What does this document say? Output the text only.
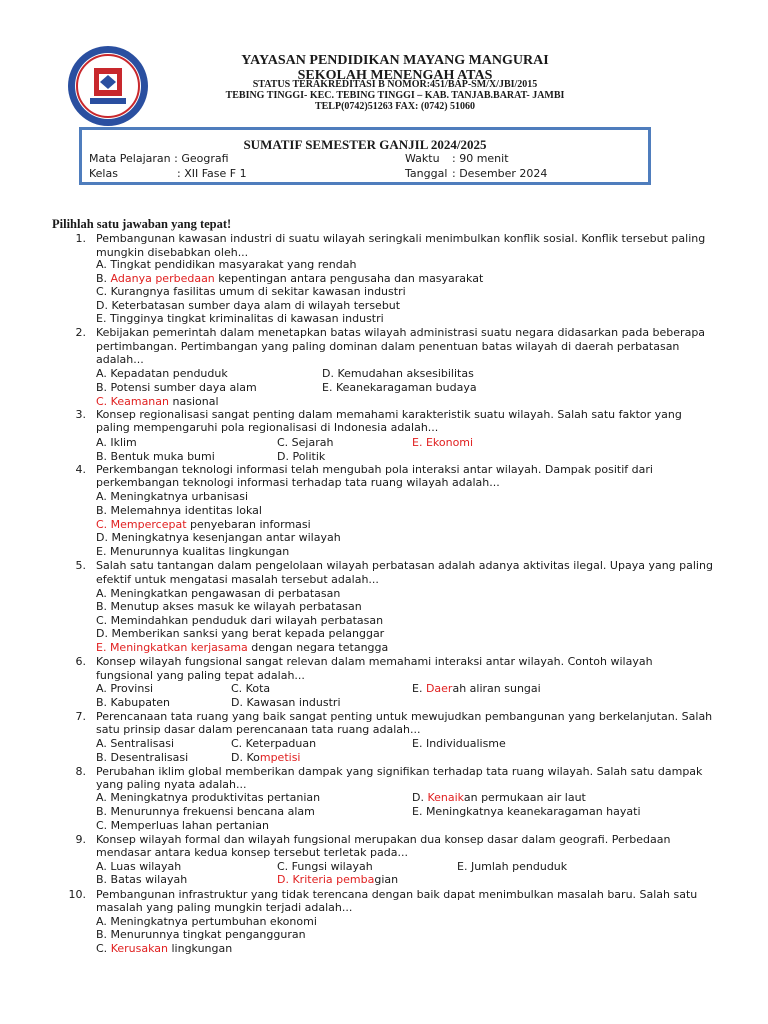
YAYASAN PENDIDIKAN MAYANG MANGURAI
SEKOLAH MENENGAH ATAS
STATUS TERAKREDITASI B NOMOR:451/BAP-SM/X/JBI/2015
TEBING TINGGI- KEC. TEBING TINGGI – KAB. TANJAB.BARAT- JAMBI
TELP(0742)51263 FAX: (0742) 51060
SUMATIF SEMESTER GANJIL 2024/2025
Mata Pelajaran : Geografi
Kelas	: XII Fase F 1
Waktu : 90 menit
Tanggal : Desember 2024
Pilihlah satu jawaban yang tepat!
1. Pembangunan kawasan industri di suatu wilayah seringkali menimbulkan konflik sosial. Konflik tersebut paling
mungkin disebabkan oleh...
A. Tingkat pendidikan masyarakat yang rendah
B. Adanya perbedaan kepentingan antara pengusaha dan masyarakat
C. Kurangnya fasilitas umum di sekitar kawasan industri
D. Keterbatasan sumber daya alam di wilayah tersebut
E. Tingginya tingkat kriminalitas di kawasan industri
2. Kebijakan pemerintah dalam menetapkan batas wilayah administrasi suatu negara didasarkan pada beberapa
pertimbangan. Pertimbangan yang paling dominan dalam penentuan batas wilayah di daerah perbatasan
adalah...
A. Kepadatan penduduk	D. Kemudahan aksesibilitas
B. Potensi sumber daya alam	E. Keanekaragaman budaya
C. Keamanan nasional
3. Konsep regionalisasi sangat penting dalam memahami karakteristik suatu wilayah. Salah satu faktor yang
paling mempengaruhi pola regionalisasi di Indonesia adalah...
A. Iklim	C. Sejarah	E. Ekonomi
B. Bentuk muka bumi	D. Politik
4. Perkembangan teknologi informasi telah mengubah pola interaksi antar wilayah. Dampak positif dari
perkembangan teknologi informasi terhadap tata ruang wilayah adalah...
A. Meningkatnya urbanisasi
B. Melemahnya identitas lokal
C. Mempercepat penyebaran informasi
D. Meningkatnya kesenjangan antar wilayah
E. Menurunnya kualitas lingkungan
5. Salah satu tantangan dalam pengelolaan wilayah perbatasan adalah adanya aktivitas ilegal. Upaya yang paling
efektif untuk mengatasi masalah tersebut adalah...
A. Meningkatkan pengawasan di perbatasan
B. Menutup akses masuk ke wilayah perbatasan
C. Memindahkan penduduk dari wilayah perbatasan
D. Memberikan sanksi yang berat kepada pelanggar
E. Meningkatkan kerjasama dengan negara tetangga
6. Konsep wilayah fungsional sangat relevan dalam memahami interaksi antar wilayah. Contoh wilayah
fungsional yang paling tepat adalah...
A. Provinsi	C. Kota	E. Daerah aliran sungai
B. Kabupaten	D. Kawasan industri
7. Perencanaan tata ruang yang baik sangat penting untuk mewujudkan pembangunan yang berkelanjutan. Salah
satu prinsip dasar dalam perencanaan tata ruang adalah...
A. Sentralisasi	C. Keterpaduan	E. Individualisme
B. Desentralisasi	D. Kompetisi
8. Perubahan iklim global memberikan dampak yang signifikan terhadap tata ruang wilayah. Salah satu dampak
yang paling nyata adalah...
A. Meningkatnya produktivitas pertanian	D. Kenaikan permukaan air laut
B. Menurunnya frekuensi bencana alam	E. Meningkatnya keanekaragaman hayati
C. Memperluas lahan pertanian
9. Konsep wilayah formal dan wilayah fungsional merupakan dua konsep dasar dalam geografi. Perbedaan
mendasar antara kedua konsep tersebut terletak pada...
A. Luas wilayah	C. Fungsi wilayah	E. Jumlah penduduk
B. Batas wilayah	D. Kriteria pembagian
10. Pembangunan infrastruktur yang tidak terencana dengan baik dapat menimbulkan masalah baru. Salah satu
masalah yang paling mungkin terjadi adalah...
A. Meningkatnya pertumbuhan ekonomi
B. Menurunnya tingkat pengangguran
C. Kerusakan lingkungan
